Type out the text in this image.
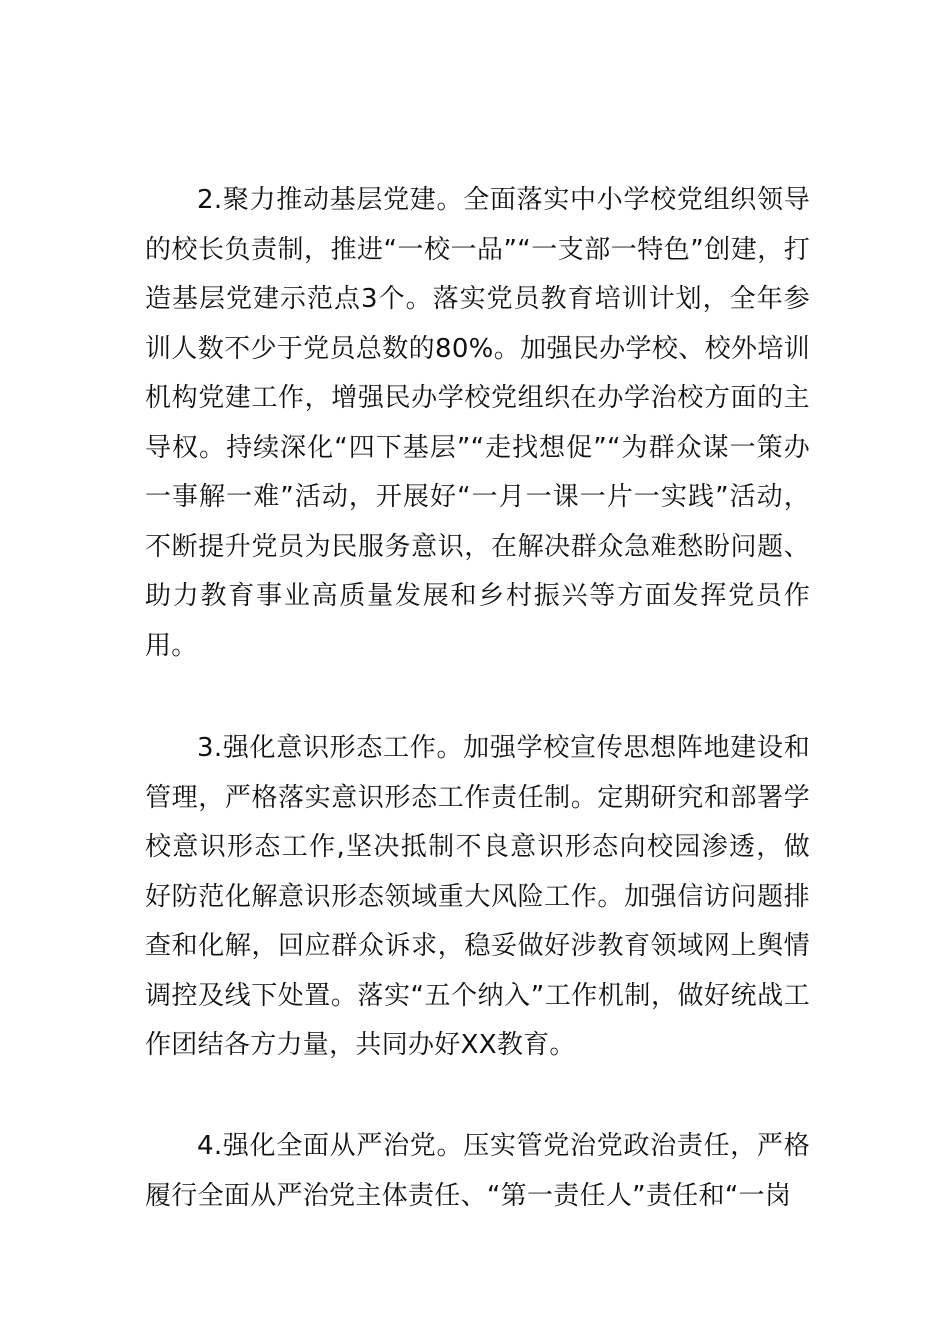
2.聚力推动基层党建。全面落实中小学校党组织领导的校长负责制，推进“一校一品”“一支部一特色”创建，打造基层党建示范点3个。落实党员教育培训计划，全年参训人数不少于党员总数的80%。加强民办学校、校外培训机构党建工作，增强民办学校党组织在办学治校方面的主导权。持续深化“四下基层”“走找想促”“为群众谋一策办一事解一难”活动，开展好“一月一课一片一实践”活动，不断提升党员为民服务意识，在解决群众急难愁盼问题、助力教育事业高质量发展和乡村振兴等方面发挥党员作用。

3.强化意识形态工作。加强学校宣传思想阵地建设和管理，严格落实意识形态工作责任制。定期研究和部署学校意识形态工作,坚决抵制不良意识形态向校园渗透，做好防范化解意识形态领域重大风险工作。加强信访问题排查和化解，回应群众诉求，稳妥做好涉教育领域网上舆情调控及线下处置。落实“五个纳入”工作机制，做好统战工作团结各方力量，共同办好XX教育。

4.强化全面从严治党。压实管党治党政治责任，严格履行全面从严治党主体责任、“第一责任人”责任和“一岗
